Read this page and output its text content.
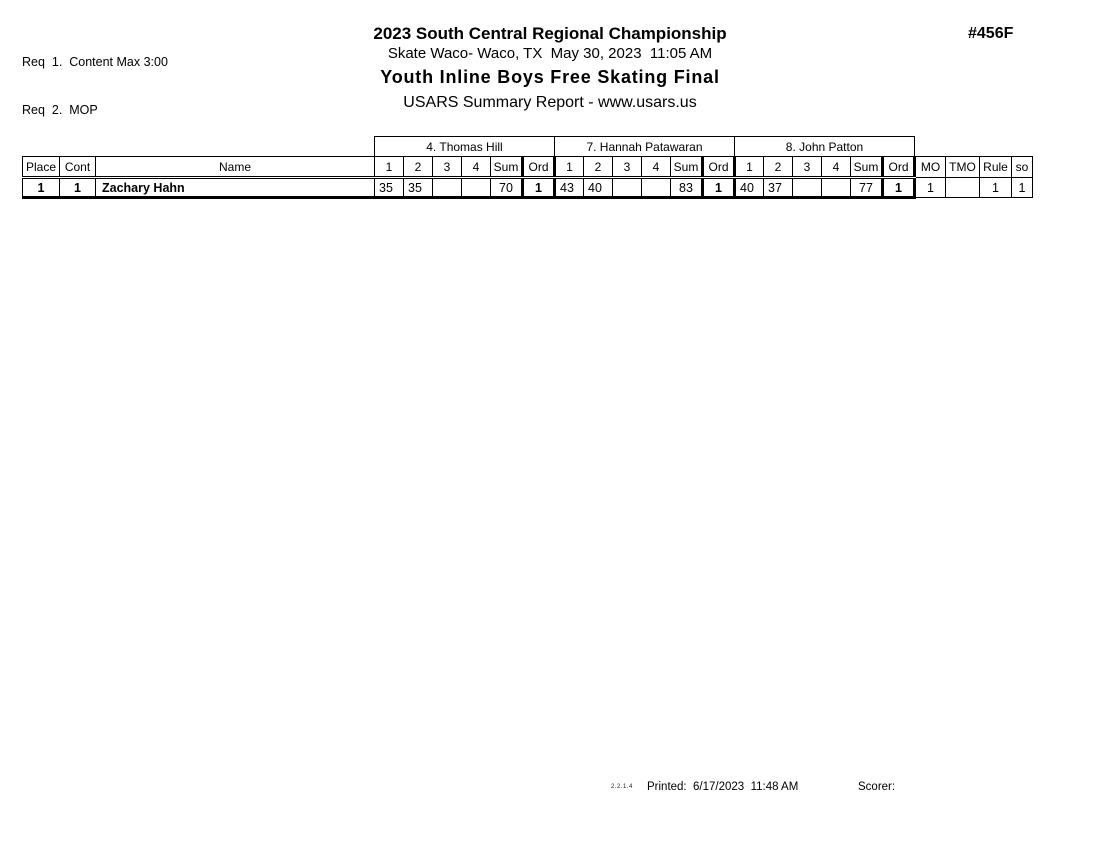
Req  1.  Content Max 3:00

Req  2.  MOP

#456F
2023 South Central Regional Championship
Skate Waco- Waco, TX  May 30, 2023  11:05 AM
Youth Inline Boys Free Skating Final
USARS Summary Report - www.usars.us
			4. Thomas Hill						7. Hannah Patawaran						8. John Patton									
Place	Cont	Name	1	2	3	4	Sum	Ord	1	2	3	4	Sum	Ord	1	2	3	4	Sum	Ord	MO	TMO	Rule	so
1	1	Zachary Hahn	35	35			70	1	43	40			83	1	40	37			77	1	1		1	1
2.2.1.4 Printed:  6/17/2023  11:48 AM	Scorer:
